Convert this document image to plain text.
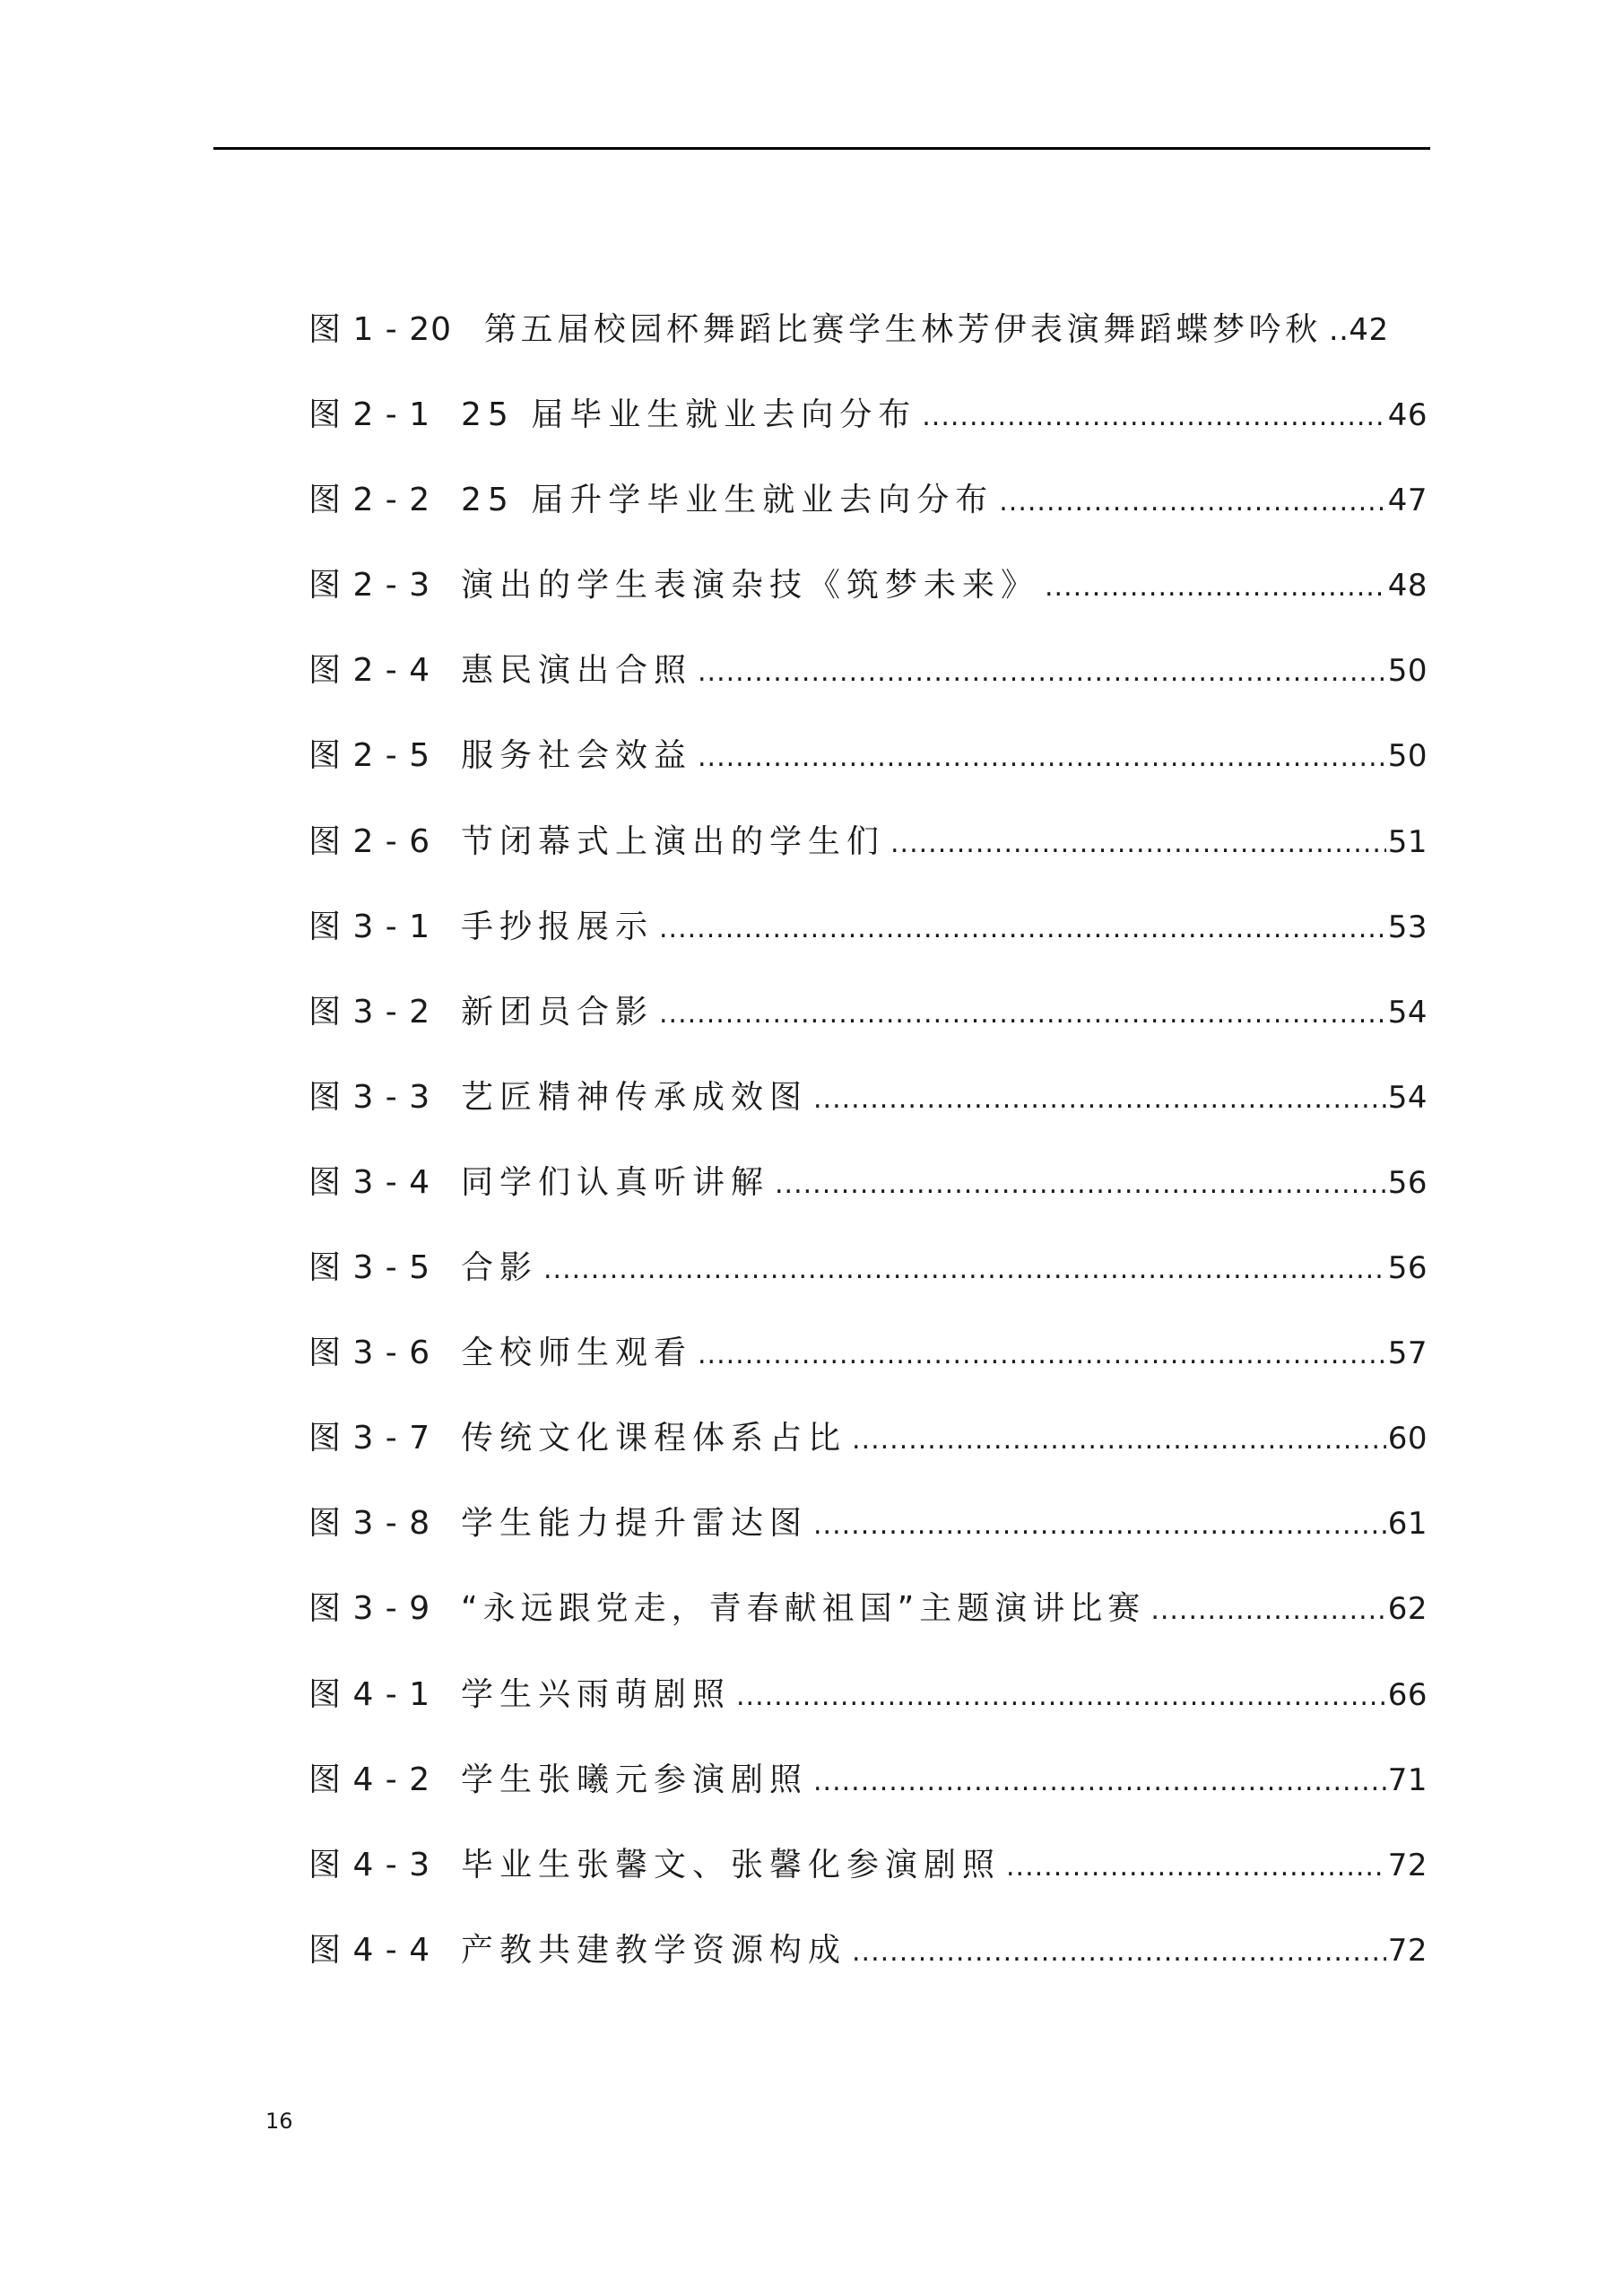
图 1 - 20 第五届校园杯舞蹈比赛学生林芳伊表演舞蹈蝶梦吟秋 ..42
图 2 - 1 25 届毕业生就业去向分布 .....	46
图 2 - 2 25 届升学毕业生就业去向分布 .....	47
图 2 - 3 演出的学生表演杂技《筑梦未来》 .....	48
图 2 - 4 惠民演出合照 .....	50
图 2 - 5 服务社会效益 .....	50
图 2 - 6 节闭幕式上演出的学生们 .....	51
图 3 - 1 手抄报展示 .....	53
图 3 - 2 新团员合影 .....	54
图 3 - 3 艺匠精神传承成效图 .....	54
图 3 - 4 同学们认真听讲解 .....	56
图 3 - 5 合影 .....	56
图 3 - 6 全校师生观看 .....	57
图 3 - 7 传统文化课程体系占比 .....	60
图 3 - 8 学生能力提升雷达图 .....	61
图 3 - 9 “永远跟党走，青春献祖国”主题演讲比赛 .....	62
图 4 - 1 学生兴雨萌剧照 .....	66
图 4 - 2 学生张曦元参演剧照 .....	71
图 4 - 3 毕业生张馨文、张馨化参演剧照 .....	72
图 4 - 4 产教共建教学资源构成 .....	72
16
